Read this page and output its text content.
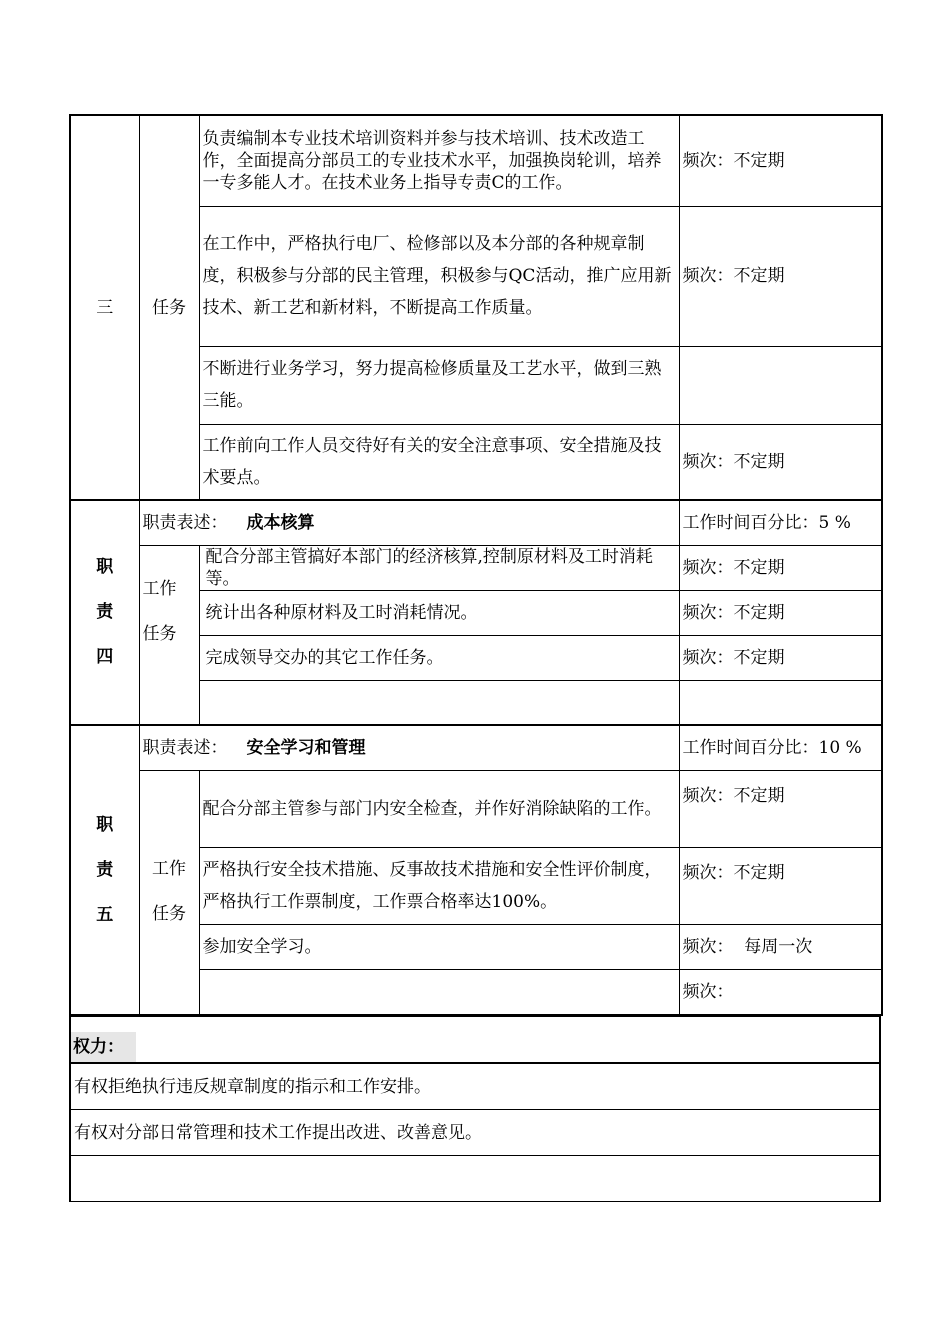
三	任务	负责编制本专业技术培训资料并参与技术培训、技术改造工作，全面提高分部员工的专业技术水平，加强换岗轮训，培养一专多能人才。在技术业务上指导专责C的工作。	频次：不定期
		在工作中，严格执行电厂、检修部以及本分部的各种规章制度，积极参与分部的民主管理，积极参与QC活动，推广应用新技术、新工艺和新材料，不断提高工作质量。	频次：不定期
		不断进行业务学习，努力提高检修质量及工艺水平，做到三熟三能。	
		工作前向工作人员交待好有关的安全注意事项、安全措施及技术要点。	频次：不定期

职
责
四	职责表述： 成本核算		工作时间百分比：5 %

	工作
任务	配合分部主管搞好本部门的经济核算,控制原材料及工时消耗等。	频次：不定期
		统计出各种原材料及工时消耗情况。	频次：不定期
		完成领导交办的其它工作任务。	频次：不定期

职
责
五	职责表述： 安全学习和管理		工作时间百分比：10 %

	工作
任务	配合分部主管参与部门内安全检查，并作好消除缺陷的工作。	频次：不定期
		严格执行安全技术措施、反事故技术措施和安全性评价制度，严格执行工作票制度，工作票合格率达100%。	频次：不定期
		参加安全学习。	频次：  每周一次
			频次：
权力：
有权拒绝执行违反规章制度的指示和工作安排。
有权对分部日常管理和技术工作提出改进、改善意见。
